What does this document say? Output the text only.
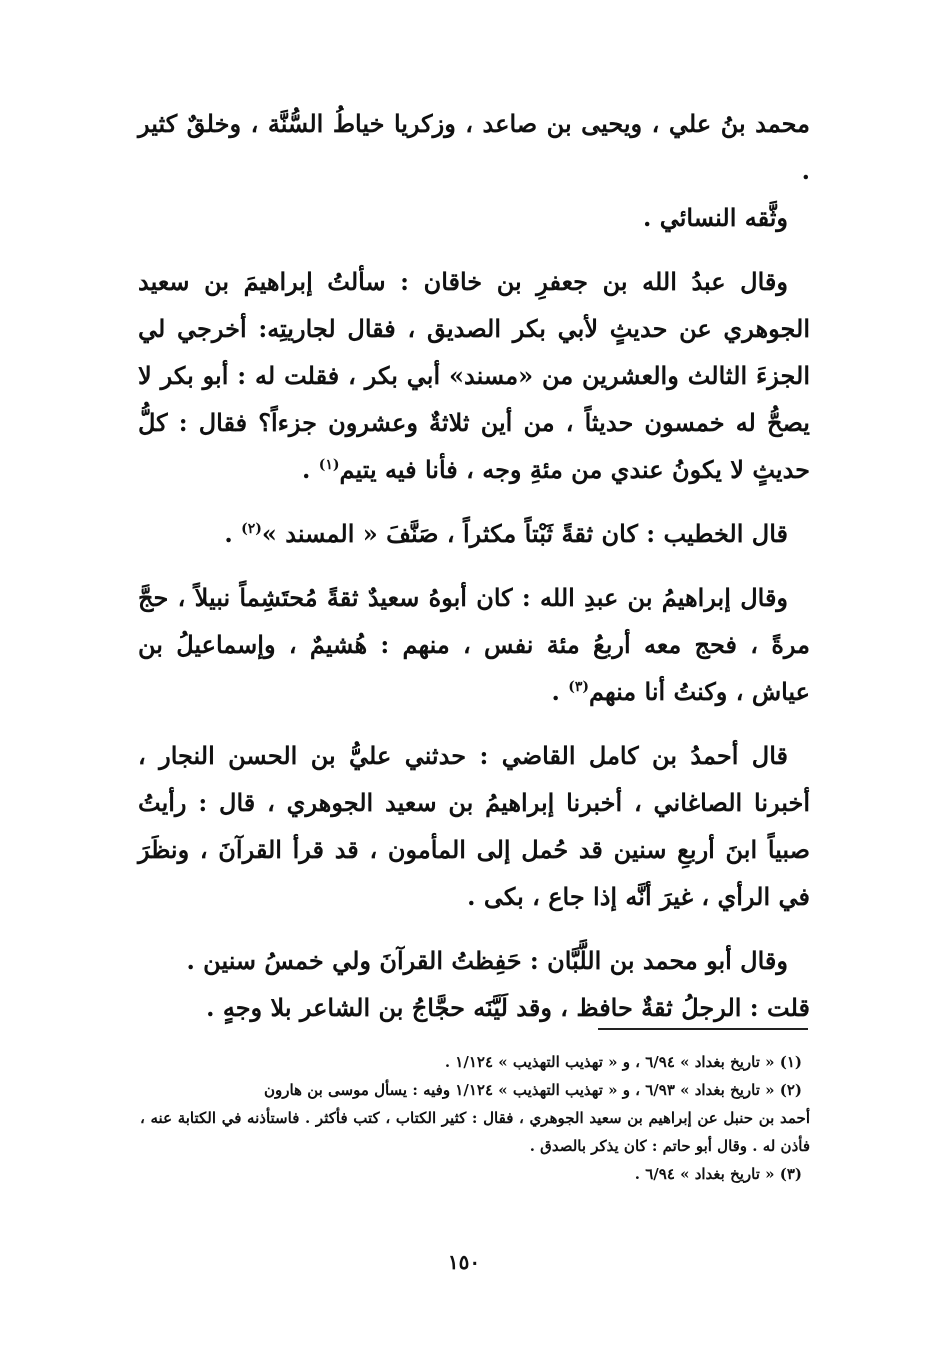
محمد بنُ علي ، ويحيى بن صاعد ، وزكريا خياطُ السُّنَّة ، وخلقٌ كثير .

وثَّقه النسائي .

وقال عبدُ الله بن جعفرِ بن خاقان : سألتُ إبراهيمَ بن سعيد الجوهري عن حديثٍ لأبي بكر الصديق ، فقال لجاريتِه: أخرجي لي الجزءَ الثالث والعشرين من «مسند» أبي بكر ، فقلت له : أبو بكر لا يصحُّ له خمسون حديثاً ، من أين ثلاثةٌ وعشرون جزءاً؟ فقال : كلُّ حديثٍ لا يكونُ عندي من مئةِ وجه ، فأنا فيه يتيم$^{(١)}$ .

قال الخطيب : كان ثقةً ثَبْتاً مكثراً ، صَنَّفَ « المسند »$^{(٢)}$ .

وقال إبراهيمُ بن عبدِ الله : كان أبوهُ سعيدٌ ثقةً مُحتَشِماً نبيلاً ، حجَّ مرةً ، فحج معه أربعُ مئة نفس ، منهم : هُشيمٌ ، وإسماعيلُ بن عياش ، وكنتُ أنا منهم$^{(٣)}$ .

قال أحمدُ بن كامل القاضي : حدثني عليُّ بن الحسن النجار ، أخبرنا الصاغاني ، أخبرنا إبراهيمُ بن سعيد الجوهري ، قال : رأيتُ صبياً ابنَ أربعِ سنين قد حُمل إلى المأمون ، قد قرأ القرآنَ ، ونظَرَ في الرأي ، غيرَ أنَّه إذا جاع ، بكى .

وقال أبو محمد بن اللَّبَّان : حَفِظتُ القرآنَ ولي خمسُ سنين .

قلت : الرجلُ ثقةٌ حافظ ، وقد لَيَّنَه حجَّاجُ بن الشاعر بلا وجهٍ .

(١) « تاريخ بغداد » ٦/٩٤ ، و « تهذيب التهذيب » ١/١٢٤ .

(٢) « تاريخ بغداد » ٦/٩٣ ، و « تهذيب التهذيب » ١/١٢٤ وفيه : يسأل موسى بن هارون

أحمد بن حنبل عن إبراهيم بن سعيد الجوهري ، فقال : كثير الكتاب ، كتب فأكثر . فاستأذنه في الكتابة عنه ، فأذن له . وقال أبو حاتم : كان يذكر بالصدق .

(٣) « تاريخ بغداد » ٦/٩٤ .

١٥٠
